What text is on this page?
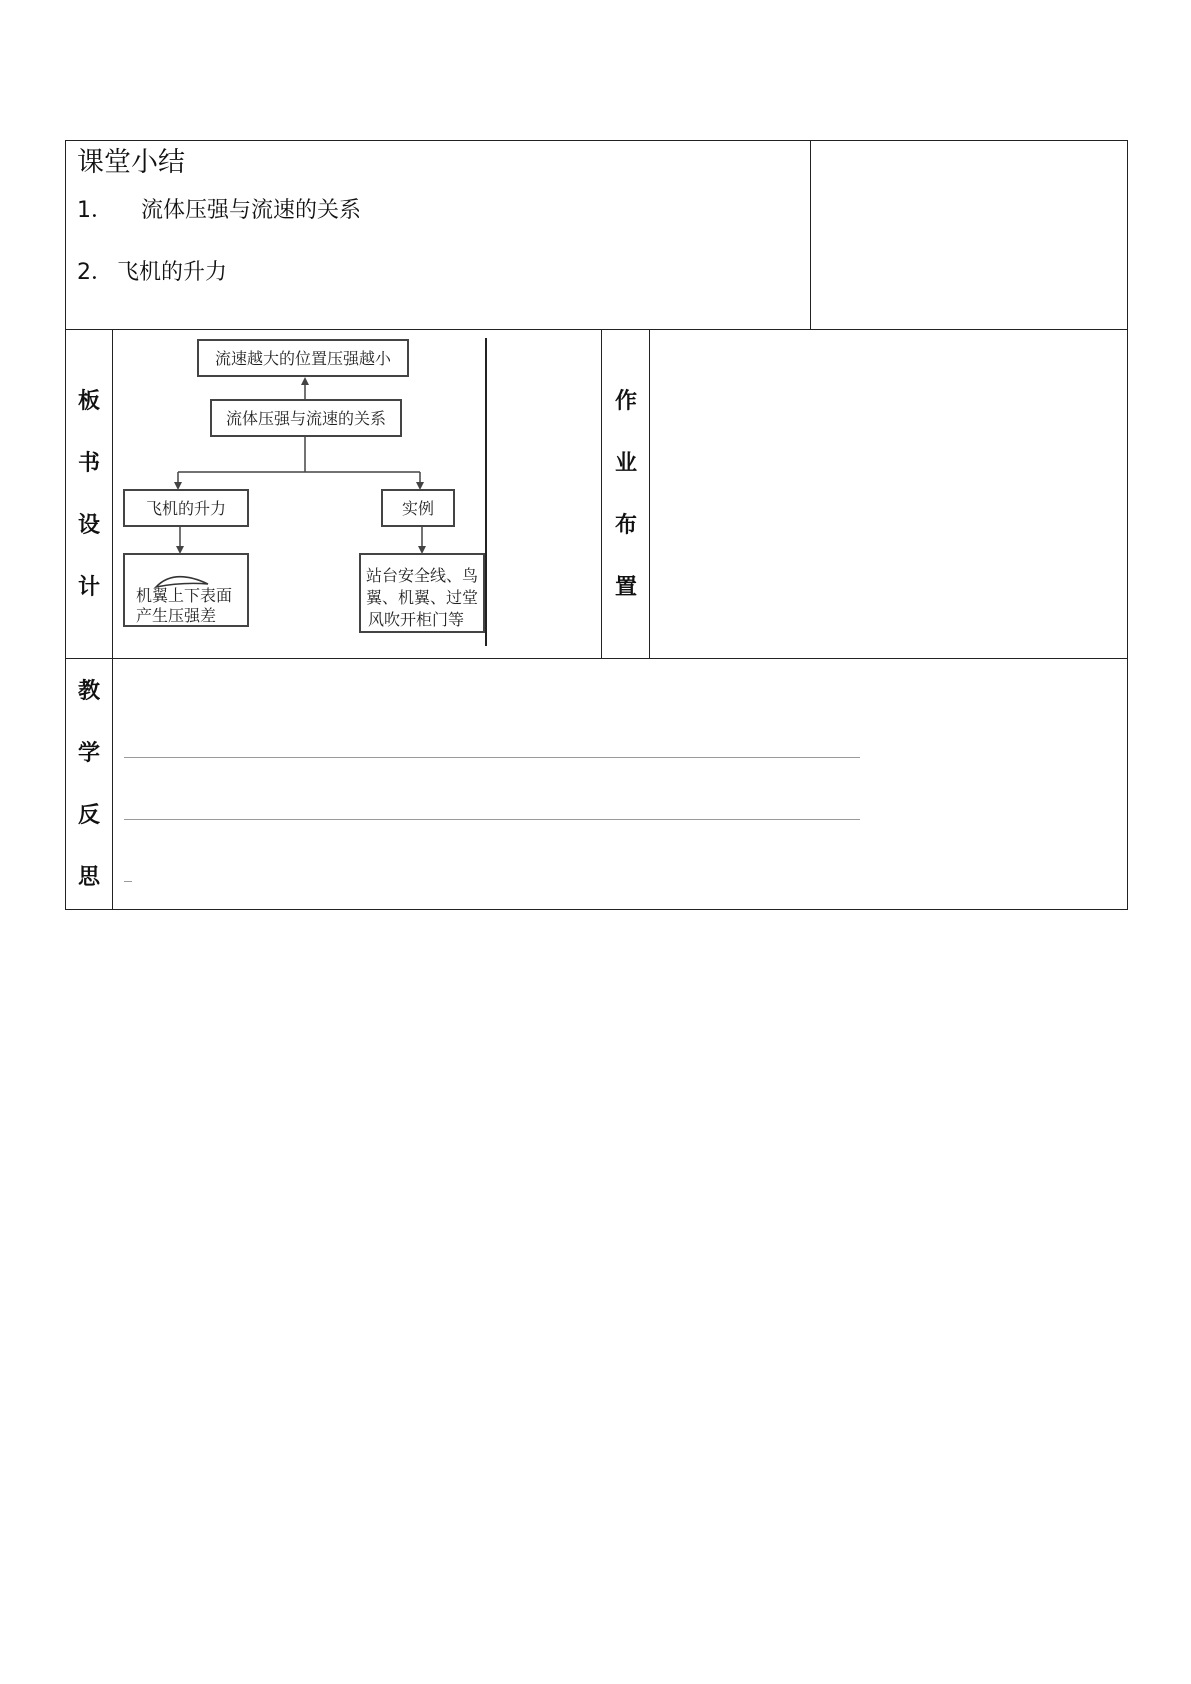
课堂小结
1． 流体压强与流速的关系
2． 飞机的升力
板
书
设
计
流速越大的位置压强越小
流体压强与流速的关系
飞机的升力	实例
机翼上下表面
产生压强差
站台安全线、鸟
翼、机翼、过堂
风吹开柜门等
作
业
布
置
教
学
反
思
